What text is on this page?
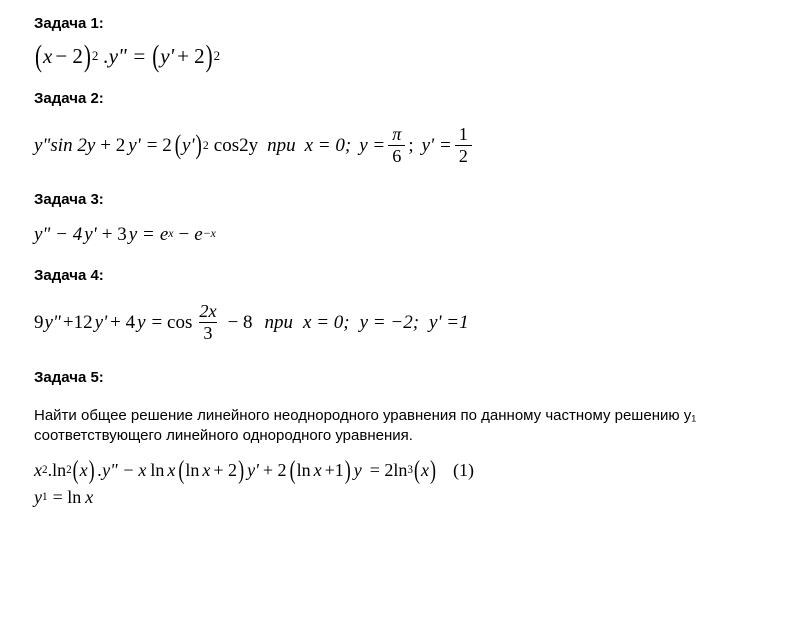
Задача 1:
( x − 2 ) 2 .y" = ( y' + 2 ) 2
Задача 2:
y"sin 2 y + 2 y' = 2 ( y' ) 2 cos2y при x = 0; $y = \frac{\pi}{6}$ ; $y' = \frac{1}{2}$
Задача 3:
y" − 4 y' + 3 y = e x − e −x
Задача 4:
9 y" +12 y' + 4 $y = \cos \frac{2x}{3} - 8$ при x = 0; y = −2; y' =1
Задача 5:
Найти общее решение линейного неоднородного уравнения по данному частному решению y₁ соответствующего линейного однородного уравнения.
x 2 .ln 2 ( x ) .y" − x ln x ( ln x + 2 ) y' + 2 ( ln x +1 ) y = 2ln 3 ( x ) (1)
y 1 = ln x
